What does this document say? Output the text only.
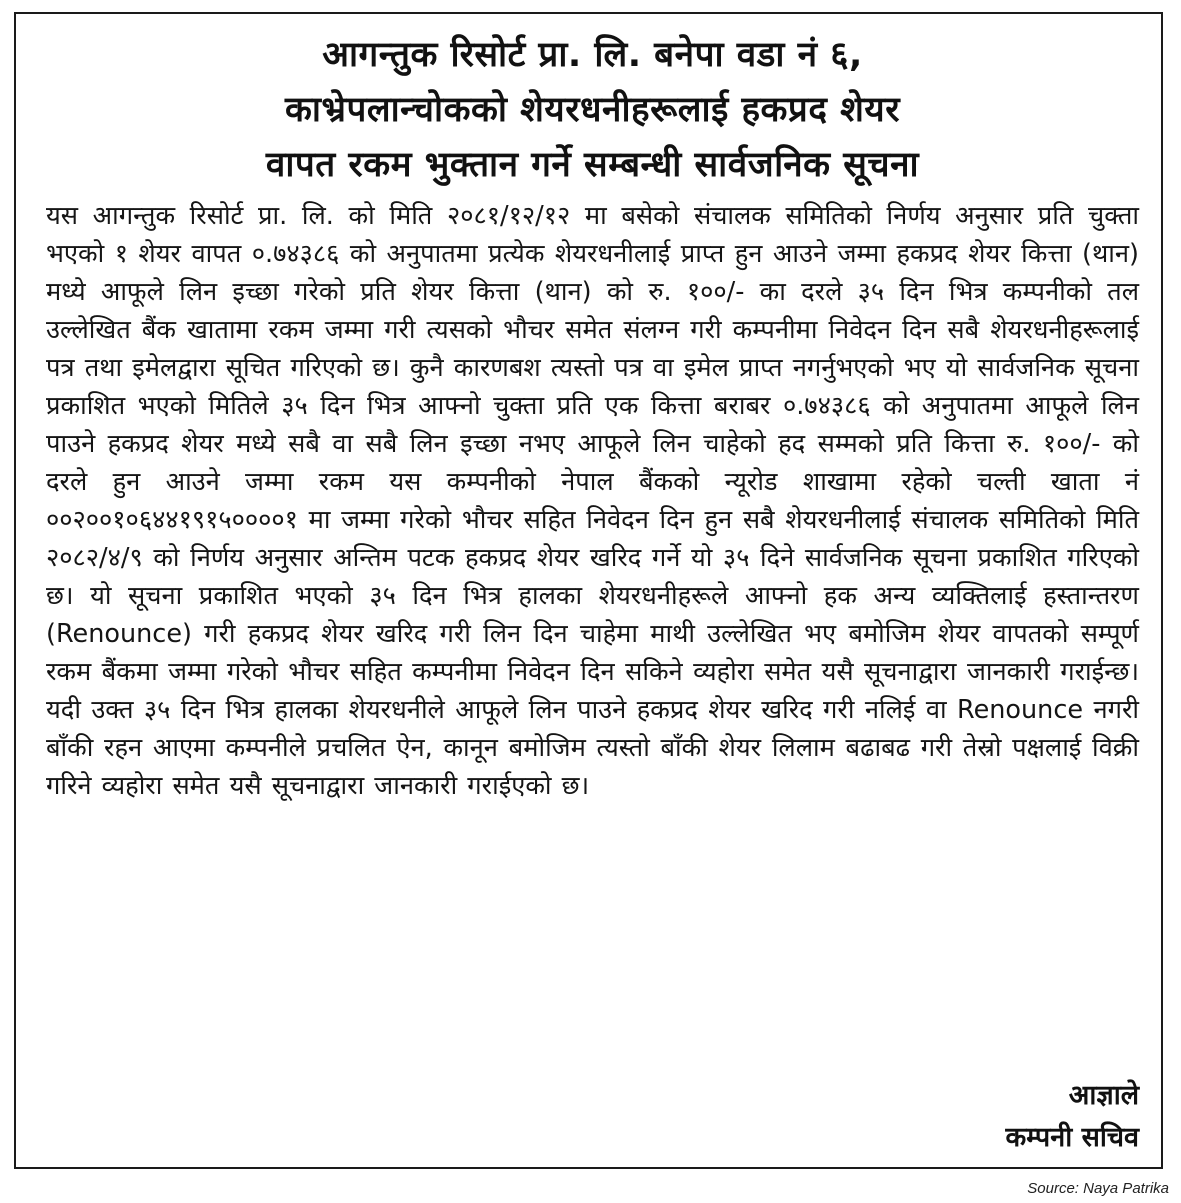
आगन्तुक रिसोर्ट प्रा. लि. बनेपा वडा नं ६,
काभ्रेपलान्चोकको शेयरधनीहरूलाई हकप्रद शेयर
वापत रकम भुक्तान गर्ने सम्बन्धी सार्वजनिक सूचना

यस आगन्तुक रिसोर्ट प्रा. लि. को मिति २०८१/१२/१२ मा बसेको संचालक समितिको निर्णय अनुसार प्रति चुक्ता भएको १ शेयर वापत ०.७४३८६ को अनुपातमा प्रत्येक शेयरधनीलाई प्राप्त हुन आउने जम्मा हकप्रद शेयर कित्ता (थान) मध्ये आफूले लिन इच्छा गरेको प्रति शेयर कित्ता (थान) को रु. १००/- का दरले ३५ दिन भित्र कम्पनीको तल उल्लेखित बैंक खातामा रकम जम्मा गरी त्यसको भौचर समेत संलग्न गरी कम्पनीमा निवेदन दिन सबै शेयरधनीहरूलाई पत्र तथा इमेलद्वारा सूचित गरिएको छ। कुनै कारणबश त्यस्तो पत्र वा इमेल प्राप्त नगर्नुभएको भए यो सार्वजनिक सूचना प्रकाशित भएको मितिले ३५ दिन भित्र आफ्नो चुक्ता प्रति एक कित्ता बराबर ०.७४३८६ को अनुपातमा आफूले लिन पाउने हकप्रद शेयर मध्ये सबै वा सबै लिन इच्छा नभए आफूले लिन चाहेको हद सम्मको प्रति कित्ता रु. १००/- को दरले हुन आउने जम्मा रकम यस कम्पनीको नेपाल बैंकको न्यूरोड शाखामा रहेको चल्ती खाता नं ००२००१०६४४१९१५००००१ मा जम्मा गरेको भौचर सहित निवेदन दिन हुन सबै शेयरधनीलाई संचालक समितिको मिति २०८२/४/९ को निर्णय अनुसार अन्तिम पटक हकप्रद शेयर खरिद गर्ने यो ३५ दिने सार्वजनिक सूचना प्रकाशित गरिएको छ। यो सूचना प्रकाशित भएको ३५ दिन भित्र हालका शेयरधनीहरूले आफ्नो हक अन्य व्यक्तिलाई हस्तान्तरण (Renounce) गरी हकप्रद शेयर खरिद गरी लिन दिन चाहेमा माथी उल्लेखित भए बमोजिम शेयर वापतको सम्पूर्ण रकम बैंकमा जम्मा गरेको भौचर सहित कम्पनीमा निवेदन दिन सकिने व्यहोरा समेत यसै सूचनाद्वारा जानकारी गराईन्छ। यदी उक्त ३५ दिन भित्र हालका शेयरधनीले आफूले लिन पाउने हकप्रद शेयर खरिद गरी नलिई वा Renounce नगरी बाँकी रहन आएमा कम्पनीले प्रचलित ऐन, कानून बमोजिम त्यस्तो बाँकी शेयर लिलाम बढाबढ गरी तेस्रो पक्षलाई विक्री गरिने व्यहोरा समेत यसै सूचनाद्वारा जानकारी गराईएको छ।

आज्ञाले
कम्पनी सचिव
Source: Naya Patrika
